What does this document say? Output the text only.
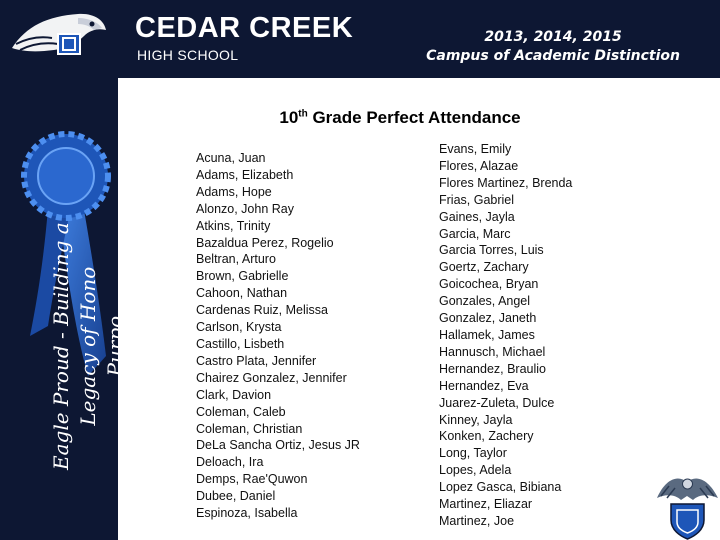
CEDAR CREEK
HIGH SCHOOL
2013, 2014, 2015
Campus of Academic Distinction
Eagle Proud - Building a Legacy of Hono Purpo
10th Grade Perfect Attendance
Acuna, Juan
Adams, Elizabeth
Adams, Hope
Alonzo, John Ray
Atkins, Trinity
Bazaldua Perez, Rogelio
Beltran, Arturo
Brown, Gabrielle
Cahoon, Nathan
Cardenas Ruiz, Melissa
Carlson, Krysta
Castillo, Lisbeth
Castro Plata, Jennifer
Chairez Gonzalez, Jennifer
Clark, Davion
Coleman, Caleb
Coleman, Christian
DeLa Sancha Ortiz, Jesus JR
Deloach, Ira
Demps, Rae'Quwon
Dubee, Daniel
Espinoza, Isabella
Evans, Emily
Flores, Alazae
Flores Martinez, Brenda
Frias, Gabriel
Gaines, Jayla
Garcia, Marc
Garcia Torres, Luis
Goertz, Zachary
Goicochea, Bryan
Gonzales, Angel
Gonzalez, Janeth
Hallamek, James
Hannusch, Michael
Hernandez, Braulio
Hernandez, Eva
Juarez-Zuleta, Dulce
Kinney, Jayla
Konken, Zachery
Long, Taylor
Lopes, Adela
Lopez Gasca, Bibiana
Martinez, Eliazar
Martinez, Joe
